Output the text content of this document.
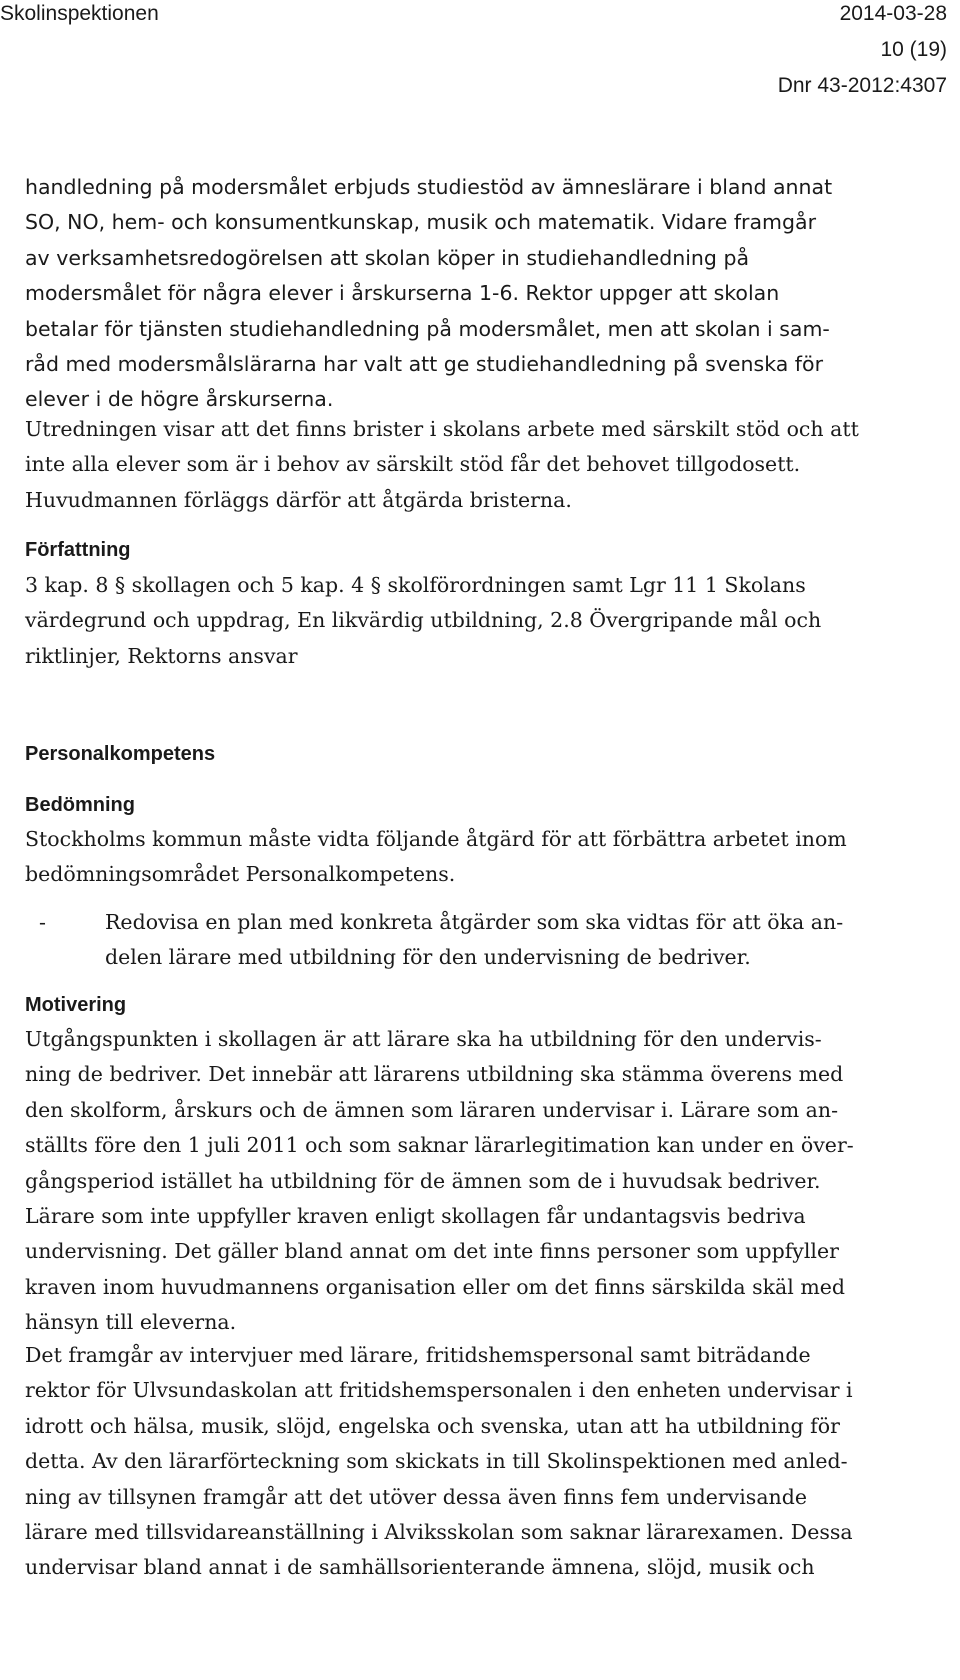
Skolinspektionen	2014-03-28
10 (19)
Dnr 43-2012:4307
handledning på modersmålet erbjuds studiestöd av ämneslärare i bland annat
SO, NO, hem- och konsumentkunskap, musik och matematik. Vidare framgår
av verksamhetsredogörelsen att skolan köper in studiehandledning på
modersmålet för några elever i årskurserna 1-6. Rektor uppger att skolan
betalar för tjänsten studiehandledning på modersmålet, men att skolan i sam-
råd med modersmålslärarna har valt att ge studiehandledning på svenska för
elever i de högre årskurserna.
Utredningen visar att det finns brister i skolans arbete med särskilt stöd och att
inte alla elever som är i behov av särskilt stöd får det behovet tillgodosett.
Huvudmannen förläggs därför att åtgärda bristerna.
Författning
3 kap. 8 § skollagen och 5 kap. 4 § skolförordningen samt Lgr 11 1 Skolans
värdegrund och uppdrag, En likvärdig utbildning, 2.8 Övergripande mål och
riktlinjer, Rektorns ansvar
Personalkompetens
Bedömning
Stockholms kommun måste vidta följande åtgärd för att förbättra arbetet inom
bedömningsområdet Personalkompetens.
-	Redovisa en plan med konkreta åtgärder som ska vidtas för att öka an-
delen lärare med utbildning för den undervisning de bedriver.
Motivering
Utgångspunkten i skollagen är att lärare ska ha utbildning för den undervis-
ning de bedriver. Det innebär att lärarens utbildning ska stämma överens med
den skolform, årskurs och de ämnen som läraren undervisar i. Lärare som an-
ställts före den 1 juli 2011 och som saknar lärarlegitimation kan under en över-
gångsperiod istället ha utbildning för de ämnen som de i huvudsak bedriver.
Lärare som inte uppfyller kraven enligt skollagen får undantagsvis bedriva
undervisning. Det gäller bland annat om det inte finns personer som uppfyller
kraven inom huvudmannens organisation eller om det finns särskilda skäl med
hänsyn till eleverna.
Det framgår av intervjuer med lärare, fritidshemspersonal samt biträdande
rektor för Ulvsundaskolan att fritidshemspersonalen i den enheten undervisar i
idrott och hälsa, musik, slöjd, engelska och svenska, utan att ha utbildning för
detta. Av den lärarförteckning som skickats in till Skolinspektionen med anled-
ning av tillsynen framgår att det utöver dessa även finns fem undervisande
lärare med tillsvidareanställning i Alviksskolan som saknar lärarexamen. Dessa
undervisar bland annat i de samhällsorienterande ämnena, slöjd, musik och
